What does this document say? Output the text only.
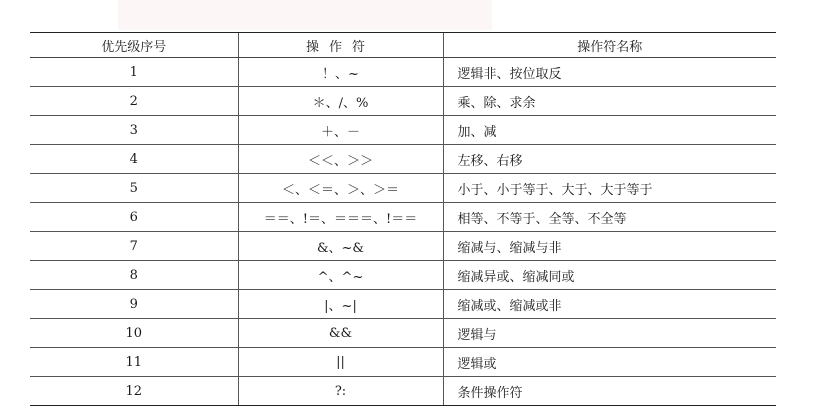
优先级序号	操作符	操作符名称
1	！、~	逻辑非、按位取反
2	＊、/、%	乘、除、求余
3	＋、－	加、减
4	＜＜、＞＞	左移、右移
5	＜、＜＝、＞、＞＝	小于、小于等于、大于、大于等于
6	＝＝、!＝、＝＝＝、!＝＝	相等、不等于、全等、不全等
7	&、~&	缩减与、缩减与非
8	^、^~	缩减异或、缩减同或
9	|、~|	缩减或、缩减或非
10	&&	逻辑与
11	||	逻辑或
12	?:	条件操作符
